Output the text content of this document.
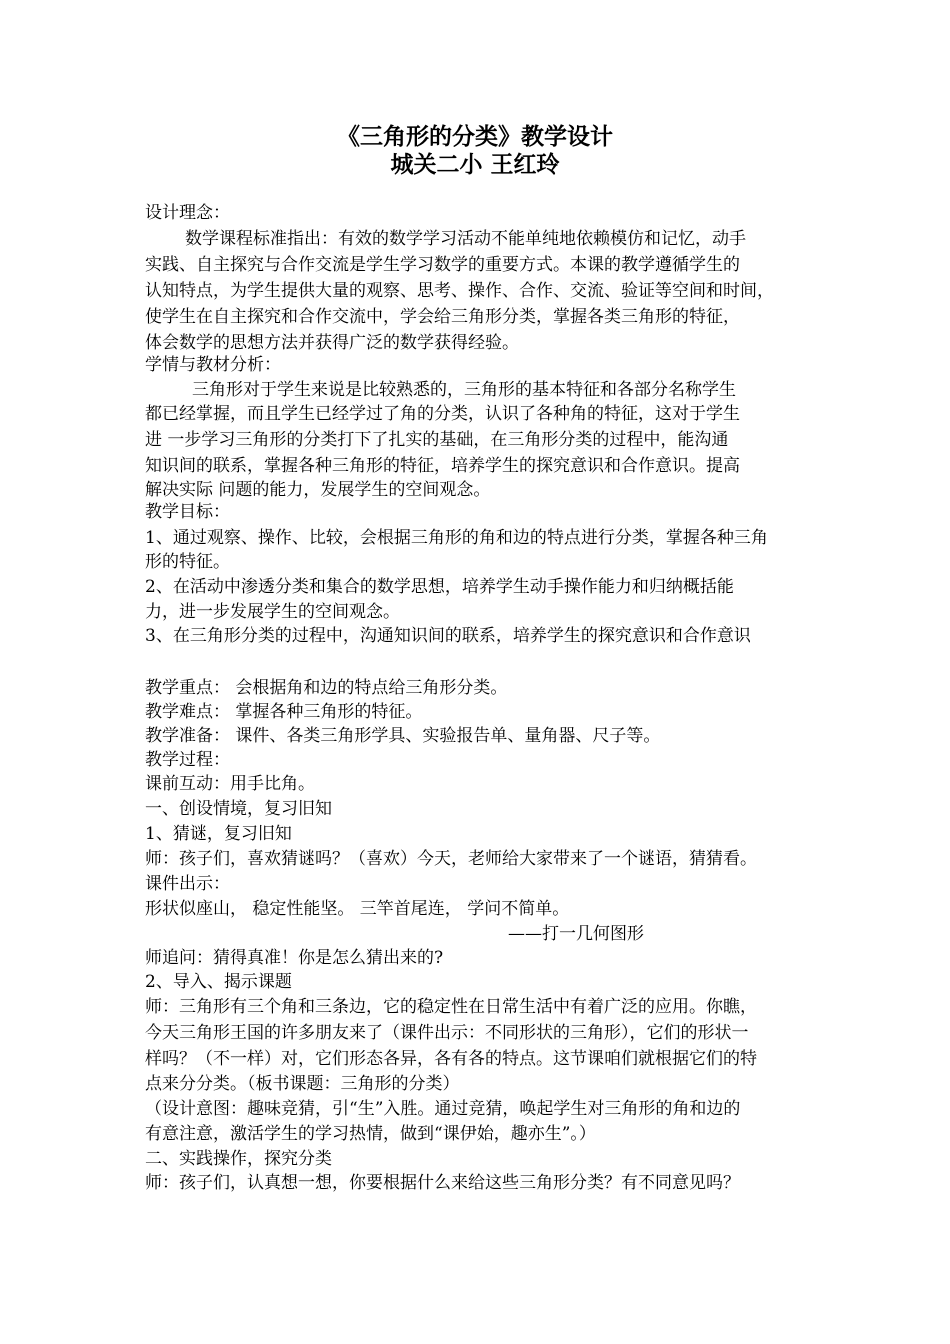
《三角形的分类》教学设计
城关二小 王红玲
设计理念：
数学课程标准指出：有效的数学学习活动不能单纯地依赖模仿和记忆，动手
实践、自主探究与合作交流是学生学习数学的重要方式。本课的教学遵循学生的
认知特点，为学生提供大量的观察、思考、操作、合作、交流、验证等空间和时间，
使学生在自主探究和合作交流中，学会给三角形分类，掌握各类三角形的特征，
体会数学的思想方法并获得广泛的数学获得经验。
学情与教材分析：
三角形对于学生来说是比较熟悉的，三角形的基本特征和各部分名称学生
都已经掌握，而且学生已经学过了角的分类，认识了各种角的特征，这对于学生
进 一步学习三角形的分类打下了扎实的基础，在三角形分类的过程中，能沟通
知识间的联系，掌握各种三角形的特征，培养学生的探究意识和合作意识。提高
解决实际 问题的能力，发展学生的空间观念。
教学目标：
1、通过观察、操作、比较，会根据三角形的角和边的特点进行分类，掌握各种三角
形的特征。
2、在活动中渗透分类和集合的数学思想，培养学生动手操作能力和归纳概括能
力，进一步发展学生的空间观念。
3、在三角形分类的过程中，沟通知识间的联系，培养学生的探究意识和合作意识
教学重点： 会根据角和边的特点给三角形分类。
教学难点： 掌握各种三角形的特征。
教学准备： 课件、各类三角形学具、实验报告单、量角器、尺子等。
教学过程：
课前互动：用手比角。
一、创设情境，复习旧知
1、猜谜，复习旧知
师：孩子们，喜欢猜谜吗？（喜欢）今天，老师给大家带来了一个谜语，猜猜看。
课件出示：
形状似座山， 稳定性能坚。 三竿首尾连， 学问不简单。
——打一几何图形
师追问：猜得真准！你是怎么猜出来的?
2、导入、揭示课题
师：三角形有三个角和三条边，它的稳定性在日常生活中有着广泛的应用。你瞧，
今天三角形王国的许多朋友来了（课件出示：不同形状的三角形），它们的形状一
样吗？（不一样）对，它们形态各异，各有各的特点。这节课咱们就根据它们的特
点来分分类。（板书课题：三角形的分类）
（设计意图：趣味竞猜，引“生”入胜。通过竞猜，唤起学生对三角形的角和边的
有意注意，激活学生的学习热情，做到“课伊始，趣亦生”。）
二、实践操作，探究分类
师：孩子们，认真想一想，你要根据什么来给这些三角形分类？有不同意见吗？
